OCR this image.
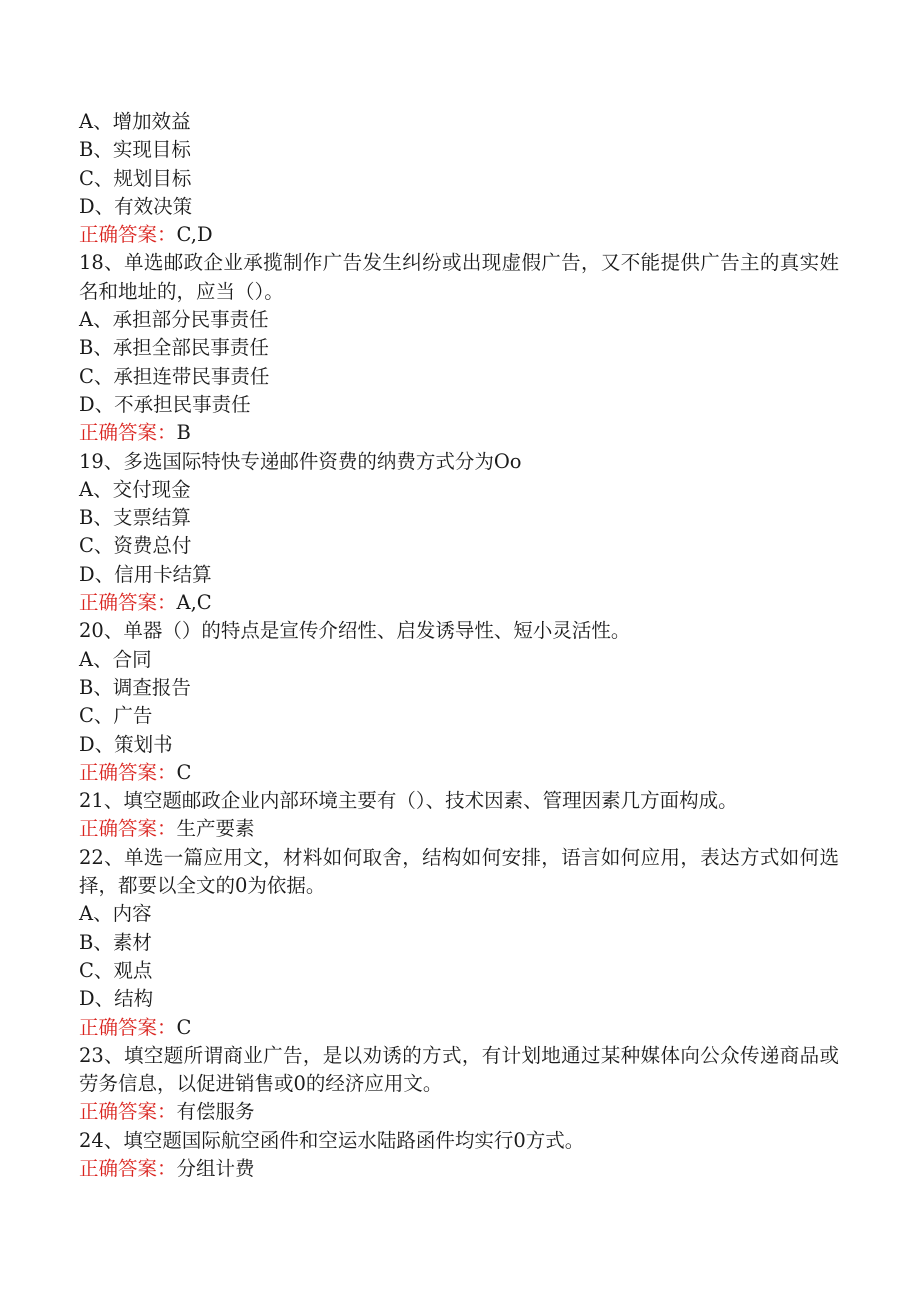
A、增加效益
B、实现目标
C、规划目标
D、有效决策
正确答案：C,D
18、单选邮政企业承揽制作广告发生纠纷或出现虚假广告，又不能提供广告主的真实姓名和地址的，应当（）。
A、承担部分民事责任
B、承担全部民事责任
C、承担连带民事责任
D、不承担民事责任
正确答案：B
19、多选国际特快专递邮件资费的纳费方式分为Oo
A、交付现金
B、支票结算
C、资费总付
D、信用卡结算
正确答案：A,C
20、单器（）的特点是宣传介绍性、启发诱导性、短小灵活性。
A、合同
B、调查报告
C、广告
D、策划书
正确答案：C
21、填空题邮政企业内部环境主要有（）、技术因素、管理因素几方面构成。
正确答案：生产要素
22、单选一篇应用文，材料如何取舍，结构如何安排，语言如何应用，表达方式如何选择，都要以全文的0为依据。
A、内容
B、素材
C、观点
D、结构
正确答案：C
23、填空题所谓商业广告，是以劝诱的方式，有计划地通过某种媒体向公众传递商品或劳务信息，以促进销售或0的经济应用文。
正确答案：有偿服务
24、填空题国际航空函件和空运水陆路函件均实行0方式。
正确答案：分组计费
